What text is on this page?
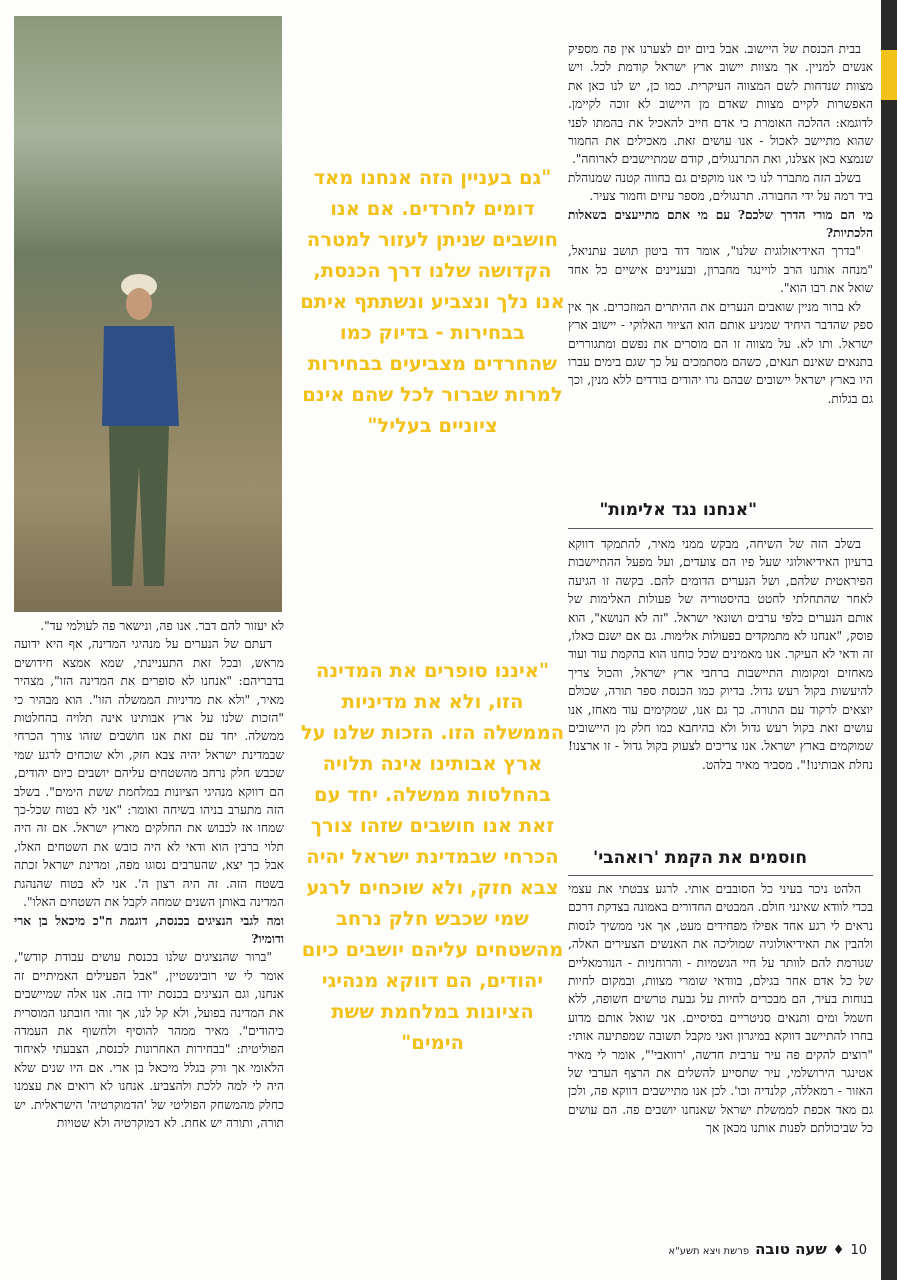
בבית הכנסת של היישוב. אבל ביום יום לצערנו אין פה מספיק אנשים למניין. אך מצוות יישוב ארץ ישראל קודמת לכל. ויש מצוות שנדחות לשם המצווה העיקרית. כמו כן, יש לנו כאן את האפשרות לקיים מצוות שאדם מן היישוב לא זוכה לקיימן. לדוגמא: ההלכה האומרת כי אדם חייב להאכיל את בהמתו לפני שהוא מתיישב לאכול - אנו עושים זאת. מאכילים את החמור שנמצא כאן אצלנו, ואת התרנגולים, קודם שמתיישבים לארוחה".

בשלב הזה מתברר לנו כי אנו מוקפים גם בחווה קטנה שמנוהלת ביד רמה על ידי החבורה. תרנגולים, מספר עיזים וחמור צעיר.

מי הם מורי הדרך שלכם? עם מי אתם מתייעצים בשאלות הלכתיות?

"בדרך האידיאולוגית שלנו", אומר דוד ביטון תושב עתניאל, "מנחה אותנו הרב לויינגר מחברון, ובעניינים אישיים כל אחד שואל את רבו הוא".

לא ברור מניין שואבים הנערים את ההיתרים המוזכרים. אך אין ספק שהדבר היחיד שמניע אותם הוא הציווי האלוקי - יישוב ארץ ישראל. ותו לא. על מצווה זו הם מוסרים את נפשם ומתגוררים בתנאים שאינם תנאים, כשהם מסתמכים על כך שגם בימים עברו היו בארץ ישראל יישובים שבהם גרו יהודים בודדים ללא מנין, וכך גם בגלות.

"אנחנו נגד אלימות"

בשלב הזה של השיחה, מבקש ממני מאיר, להתמקד דווקא ברעיון האידיאולוגי שעל פיו הם צועדים, ועל מפעל ההתיישבות הפיראטית שלהם, ושל הנערים הדומים להם. בקשה זו הגיעה לאחר שהתחלתי לחטט בהיסטוריה של פעולות האלימות של אותם הנערים כלפי ערבים ושונאי ישראל. "זה לא הנושא", הוא פוסק, "אנחנו לא מתמקדים בפעולות אלימות. גם אם ישנם כאלו, זה ודאי לא העיקר. אנו מאמינים שכל כוחנו הוא בהקמת עוד ועוד מאחזים ומקומות התיישבות ברחבי ארץ ישראל, והכול צריך להיעשות בקול רעש גדול. בדיוק כמו הכנסת ספר תורה, שכולם יוצאים לרקוד עם התורה. כך גם אנו, שמקימים עוד מאחז, אנו עושים זאת בקול רעש גדול ולא בהיחבא כמו חלק מן היישובים שמוקמים בארץ ישראל. אנו צריכים לצעוק בקול גדול - זו ארצנו! נחלת אבותינו!". מסביר מאיר בלהט.

חוסמים את הקמת 'רואהבי'

הלהט ניכר בעיני כל הסובבים אותי. לרגע צבטתי את עצמי בכדי לוודא שאינני חולם. המבטים החדורים באמונה בצדקת דרכם נראים לי רגע אחד אפילו מפחידים מעט, אך אני ממשיך לנסות ולהבין את האידיאולוגיה שמוליכה את האנשים הצעירים האלה, שגורמת להם לוותר על חיי הגשמיות - והרוחניות - הנורמאליים של כל אדם אחר בגילם, בוודאי שומרי מצוות, ובמקום לחיות בנוחות בעיר, הם מבכרים לחיות על גבעת טרשים חשופה, ללא חשמל ומים ותנאים סניטריים בסיסיים. אני שואל אותם מדוע בחרו להתיישב דווקא במיגרון ואני מקבל תשובה שמפתיעה אותי: "רוצים להקים פה עיר ערבית חדשה, 'רוואבי'", אומר לי מאיר אטינגר הירושלמי, עיר שתסייע להשלים את הרצף הערבי של האזור - רמאללה, קלנדיה וכו'. לכן אנו מתיישבים דווקא פה, ולכן גם מאד אכפת לממשלת ישראל שאנחנו יושבים פה. הם עושים כל שביכולתם לפנות אותנו מכאן אך

"גם בעניין הזה אנחנו מאד דומים לחרדים. אם אנו חושבים שניתן לעזור למטרה הקדושה שלנו דרך הכנסת, אנו נלך ונצביע ונשתתף איתם בבחירות - בדיוק כמו שהחרדים מצביעים בבחירות למרות שברור לכל שהם אינם ציוניים בעליל"
"איננו סופרים את המדינה הזו, ולא את מדיניות הממשלה הזו. הזכות שלנו על ארץ אבותינו אינה תלויה בהחלטות ממשלה. יחד עם זאת אנו חושבים שזהו צורך הכרחי שבמדינת ישראל יהיה צבא חזק, ולא שוכחים לרגע שמי שכבש חלק נרחב מהשטחים עליהם יושבים כיום יהודים, הם דווקא מנהיגי הציונות במלחמת ששת הימים"

לא יעזור להם דבר. אנו פה, ונישאר פה לעולמי עד".

דעתם של הנערים על מנהיגי המדינה, אף היא ידועה מראש, ובכל זאת התעניינתי, שמא אמצא חידושים בדבריהם: "אנחנו לא סופרים את המדינה הזו", מצהיר מאיר, "ולא את מדיניות הממשלה הזו". הוא מבהיר כי "הזכות שלנו על ארץ אבותינו אינה תלויה בהחלטות ממשלה. יחד עם זאת אנו חושבים שזהו צורך הכרחי שבמדינת ישראל יהיה צבא חזק, ולא שוכחים לרגע שמי שכבש חלק נרחב מהשטחים עליהם יושבים כיום יהודים, הם דווקא מנהיגי הציונות במלחמת ששת הימים". בשלב הזה מתערב בניהו בשיחה ואומר: "אני לא בטוח שכל-כך שמחו אז לכבוש את החלקים מארץ ישראל. אם זה היה תלוי ברבין הוא ודאי לא היה כובש את השטחים האלו, אבל כך יצא, שהערבים נסוגו מפה, ומדינת ישראל זכתה בשטח הזה. זה היה רצון ה'. אני לא בטוח שהנהגת המדינה באותן השנים שמחה לקבל את השטחים האלו".

ומה לגבי הנציגים בכנסת, דוגמת ח"כ מיכאל בן ארי ודומיו?

"ברור שהנציגים שלנו בכנסת עושים עבודת קודש", אומר לי שי רובינשטיין, "אבל הפעילים האמיתיים זה אנחנו, וגם הנציגים בכנסת יודו בזה. אנו אלה שמיישבים את המדינה בפועל, ולא קל לנו, אך זוהי חובתנו המוסרית כיהודים". מאיר ממהר להוסיף ולחשוף את העמדה הפוליטית: "בבחירות האחרונות לכנסת, הצבעתי לאיחוד הלאומי אך ורק בגלל מיכאל בן ארי. אם היו שנים שלא היה לי למה ללכת ולהצביע. אנחנו לא רואים את עצמנו כחלק מהמשחק הפוליטי של 'הדמוקרטיה' הישראלית. יש תורה, ותורה יש אחת. לא דמוקרטיה ולא שטויות

10
♦
שעה טובה
פרשת ויצא תשע"א
